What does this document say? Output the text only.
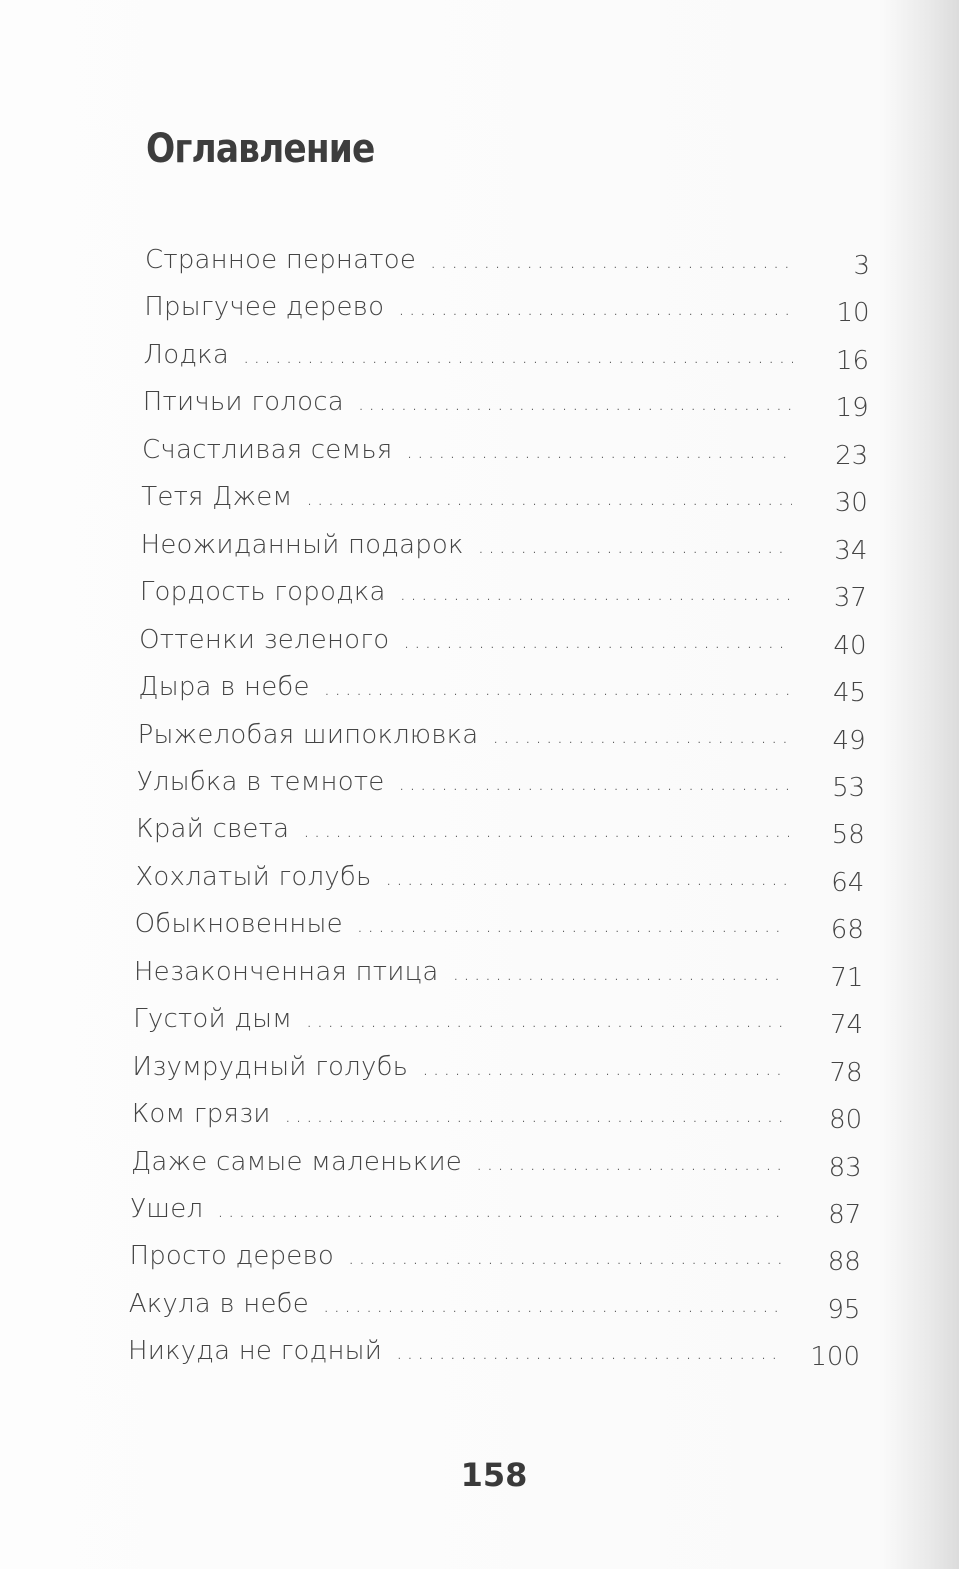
Оглавление
Странное пернатое . . .	3
Прыгучее дерево . . .	10
Лодка . . .	16
Птичьи голоса . . .	19
Счастливая семья . . .	23
Тетя Джем . . .	30
Неожиданный подарок . . .	34
Гордость городка . . .	37
Оттенки зеленого . . .	40
Дыра в небе . . .	45
Рыжелобая шипоклювка . . .	49
Улыбка в темноте . . .	53
Край света . . .	58
Хохлатый голубь . . .	64
Обыкновенные . . .	68
Незаконченная птица . . .	71
Густой дым . . .	74
Изумрудный голубь . . .	78
Ком грязи . . .	80
Даже самые маленькие . . .	83
Ушел . . .	87
Просто дерево . . .	88
Акула в небе . . .	95
Никуда не годный . . .	100
158
